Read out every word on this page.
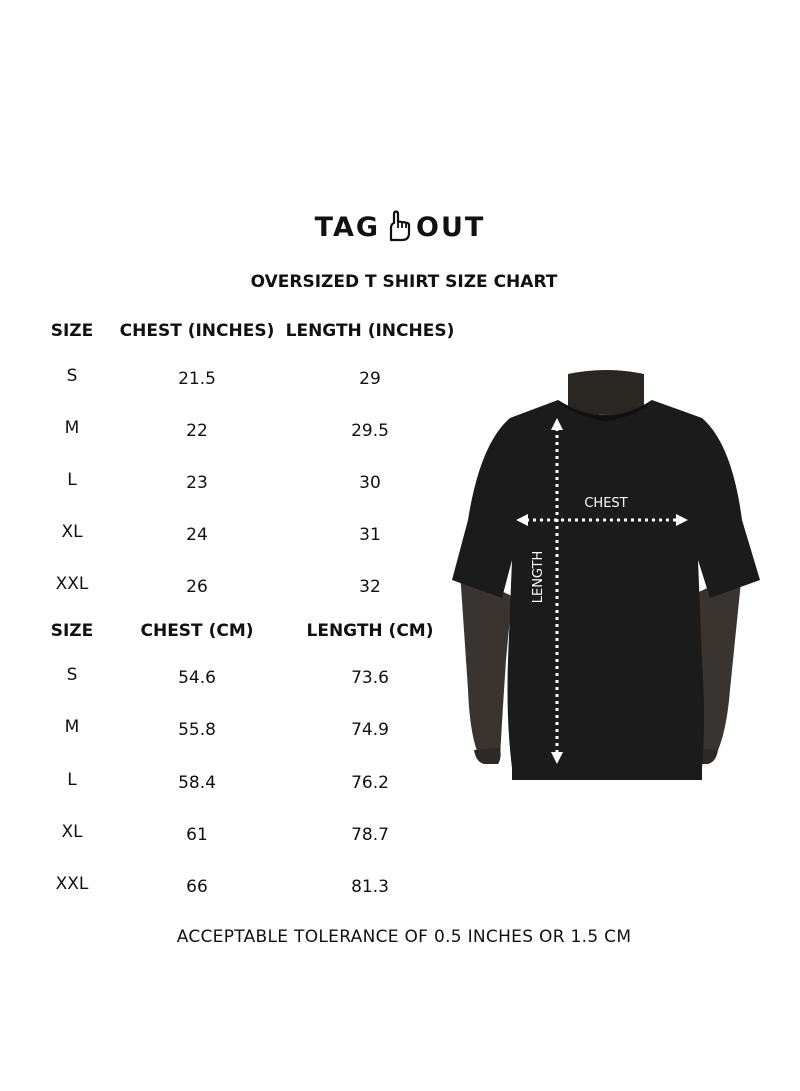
TAG OUT
OVERSIZED T SHIRT SIZE CHART
SIZE CHEST (INCHES) LENGTH (INCHES)
S	21.5	29
M	22	29.5
L	23	30
XL	24	31
XXL	26	32
SIZE	CHEST (CM)	LENGTH (CM)
S	54.6	73.6
M	55.8	74.9
L	58.4	76.2
XL	61	78.7
XXL	66	81.3
CHEST
LENGTH
ACCEPTABLE TOLERANCE OF 0.5 INCHES OR 1.5 CM
